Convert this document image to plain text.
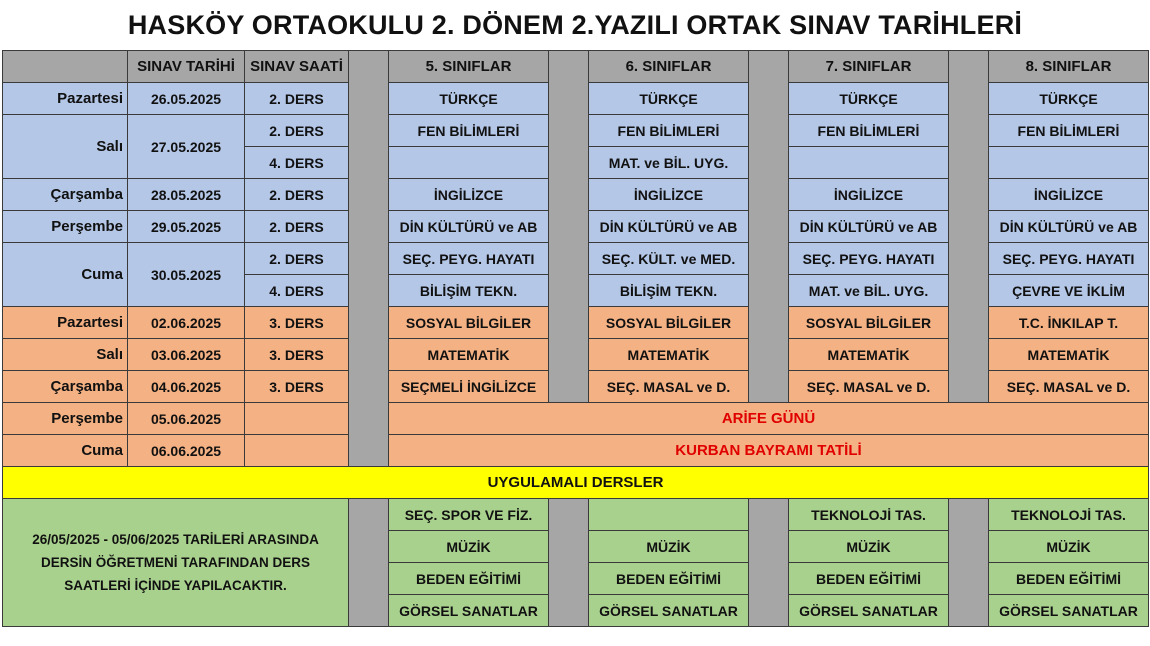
HASKÖY ORTAOKULU 2. DÖNEM 2.YAZILI ORTAK SINAV TARİHLERİ
	SINAV TARİHİ	SINAV SAATİ		5. SINIFLAR		6. SINIFLAR		7. SINIFLAR		8. SINIFLAR
Pazartesi	26.05.2025	2. DERS		TÜRKÇE		TÜRKÇE		TÜRKÇE		TÜRKÇE
Salı	27.05.2025	2. DERS		FEN BİLİMLERİ		FEN BİLİMLERİ		FEN BİLİMLERİ		FEN BİLİMLERİ
		4. DERS				MAT. ve BİL. UYG.				
Çarşamba	28.05.2025	2. DERS		İNGİLİZCE		İNGİLİZCE		İNGİLİZCE		İNGİLİZCE
Perşembe	29.05.2025	2. DERS		DİN KÜLTÜRÜ ve AB		DİN KÜLTÜRÜ ve AB		DİN KÜLTÜRÜ ve AB		DİN KÜLTÜRÜ ve AB
Cuma	30.05.2025	2. DERS		SEÇ. PEYG. HAYATI		SEÇ. KÜLT. ve MED.		SEÇ. PEYG. HAYATI		SEÇ. PEYG. HAYATI
		4. DERS		BİLİŞİM TEKN.		BİLİŞİM TEKN.		MAT. ve BİL. UYG.		ÇEVRE VE İKLİM
Pazartesi	02.06.2025	3. DERS		SOSYAL BİLGİLER		SOSYAL BİLGİLER		SOSYAL BİLGİLER		T.C. İNKILAP T.
Salı	03.06.2025	3. DERS		MATEMATİK		MATEMATİK		MATEMATİK		MATEMATİK
Çarşamba	04.06.2025	3. DERS		SEÇMELİ İNGİLİZCE		SEÇ. MASAL ve D.		SEÇ. MASAL ve D.		SEÇ. MASAL ve D.
Perşembe	05.06.2025			ARİFE GÜNÜ						
Cuma	06.06.2025			KURBAN BAYRAMI TATİLİ						
UYGULAMALI DERSLER										
26/05/2025 - 05/06/2025 TARİLERİ ARASINDA DERSİN ÖĞRETMENİ TARAFINDAN DERS SAATLERİ İÇİNDE YAPILACAKTIR.				SEÇ. SPOR VE FİZ.				TEKNOLOJİ TAS.		TEKNOLOJİ TAS.
				MÜZİK		MÜZİK		MÜZİK		MÜZİK
				BEDEN EĞİTİMİ		BEDEN EĞİTİMİ		BEDEN EĞİTİMİ		BEDEN EĞİTİMİ
				GÖRSEL SANATLAR		GÖRSEL SANATLAR		GÖRSEL SANATLAR		GÖRSEL SANATLAR
